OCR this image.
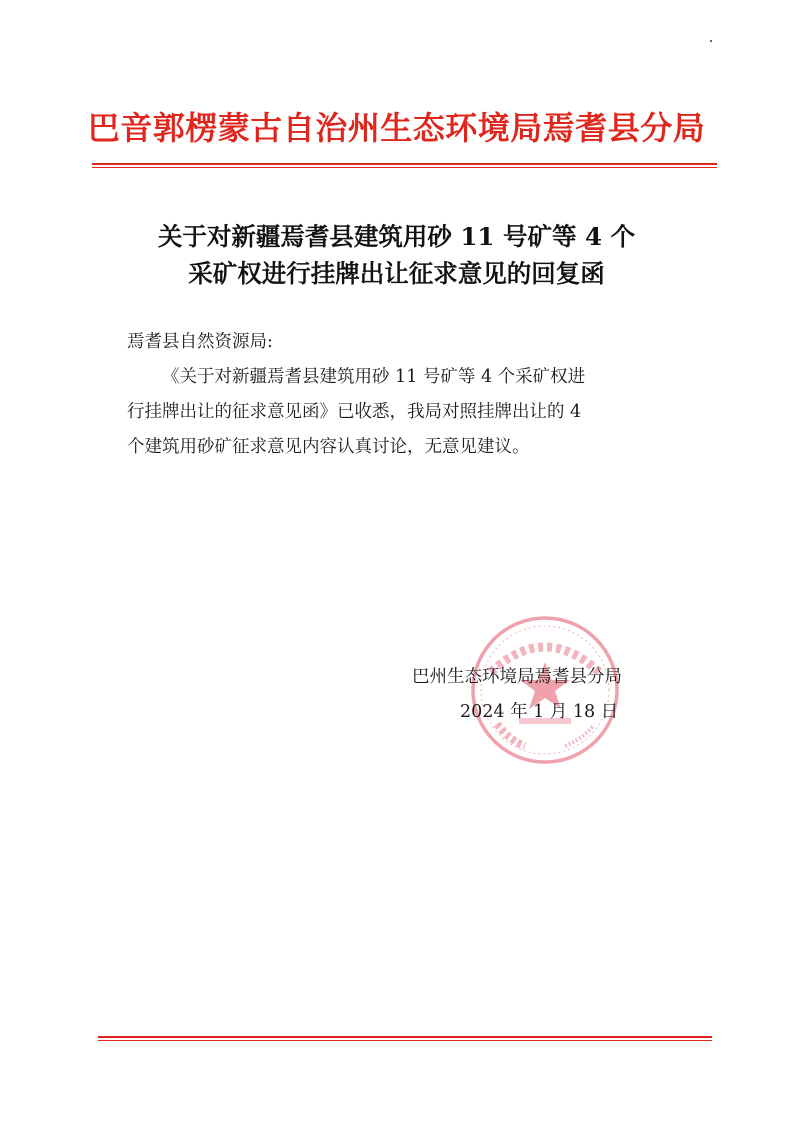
巴音郭楞蒙古自治州生态环境局焉耆县分局
关于对新疆焉耆县建筑用砂 11 号矿等 4 个
采矿权进行挂牌出让征求意见的回复函
焉耆县自然资源局:
《关于对新疆焉耆县建筑用砂 11 号矿等 4 个采矿权进
行挂牌出让的征求意见函》已收悉，我局对照挂牌出让的 4
个建筑用砂矿征求意见内容认真讨论，无意见建议。
巴州生态环境局焉耆县分局
2024 年 1 月 18 日
